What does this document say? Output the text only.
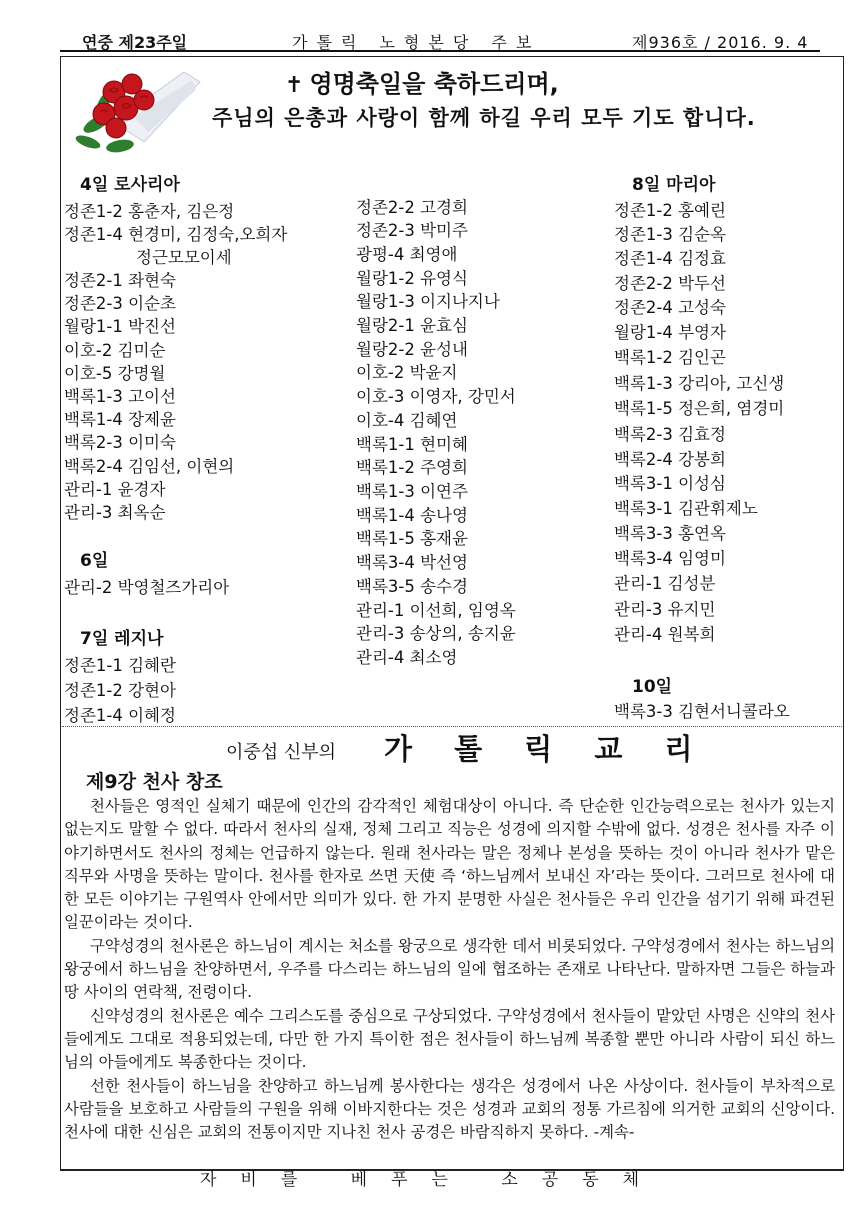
연중 제23주일	가톨릭 노형본당 주보	제936호 / 2016. 9. 4
✝ 영명축일을 축하드리며,
주님의 은총과 사랑이 함께 하길 우리 모두 기도 합니다.
4일 로사리아
정존1-2 홍춘자, 김은정
정존1-4 현경미, 김정숙,오희자
정근모모이세
정존2-1 좌현숙
정존2-3 이순초
월랑1-1 박진선
이호-2 김미순
이호-5 강명월
백록1-3 고이선
백록1-4 장제윤
백록2-3 이미숙
백록2-4 김임선, 이현의
관리-1 윤경자
관리-3 최옥순
6일
관리-2 박영철즈가리아
7일 레지나
정존1-1 김혜란
정존1-2 강현아
정존1-4 이혜정
정존2-2 고경희
정존2-3 박미주
광평-4 최영애
월랑1-2 유영식
월랑1-3 이지나지나
월랑2-1 윤효심
월랑2-2 윤성내
이호-2 박윤지
이호-3 이영자, 강민서
이호-4 김혜연
백록1-1 현미혜
백록1-2 주영희
백록1-3 이연주
백록1-4 송나영
백록1-5 홍재윤
백록3-4 박선영
백록3-5 송수경
관리-1 이선희, 임영옥
관리-3 송상의, 송지윤
관리-4 최소영
8일 마리아
정존1-2 홍예린
정존1-3 김순옥
정존1-4 김정효
정존2-2 박두선
정존2-4 고성숙
월랑1-4 부영자
백록1-2 김인곤
백록1-3 강리아, 고신생
백록1-5 정은희, 염경미
백록2-3 김효정
백록2-4 강봉희
백록3-1 이성심
백록3-1 김관휘제노
백록3-3 홍연옥
백록3-4 임영미
관리-1 김성분
관리-3 유지민
관리-4 원복희
10일
백록3-3 김현서니콜라오
이중섭 신부의 가 톨 릭 교 리
제9강 천사 창조

천사들은 영적인 실체기 때문에 인간의 감각적인 체험대상이 아니다. 즉 단순한 인간능력으로는 천사가 있는지 없는지도 말할 수 없다. 따라서 천사의 실재, 정체 그리고 직능은 성경에 의지할 수밖에 없다. 성경은 천사를 자주 이야기하면서도 천사의 정체는 언급하지 않는다. 원래 천사라는 말은 정체나 본성을 뜻하는 것이 아니라 천사가 맡은 직무와 사명을 뜻하는 말이다. 천사를 한자로 쓰면 天使 즉 ‘하느님께서 보내신 자’라는 뜻이다. 그러므로 천사에 대한 모든 이야기는 구원역사 안에서만 의미가 있다. 한 가지 분명한 사실은 천사들은 우리 인간을 섬기기 위해 파견된 일꾼이라는 것이다.

구약성경의 천사론은 하느님이 계시는 처소를 왕궁으로 생각한 데서 비롯되었다. 구약성경에서 천사는 하느님의 왕궁에서 하느님을 찬양하면서, 우주를 다스리는 하느님의 일에 협조하는 존재로 나타난다. 말하자면 그들은 하늘과 땅 사이의 연락책, 전령이다.

신약성경의 천사론은 예수 그리스도를 중심으로 구상되었다. 구약성경에서 천사들이 맡았던 사명은 신약의 천사들에게도 그대로 적용되었는데, 다만 한 가지 특이한 점은 천사들이 하느님께 복종할 뿐만 아니라 사람이 되신 하느님의 아들에게도 복종한다는 것이다.

선한 천사들이 하느님을 찬양하고 하느님께 봉사한다는 생각은 성경에서 나온 사상이다. 천사들이 부차적으로 사람들을 보호하고 사람들의 구원을 위해 이바지한다는 것은 성경과 교회의 정통 가르침에 의거한 교회의 신앙이다. 천사에 대한 신심은 교회의 전통이지만 지나친 천사 공경은 바람직하지 못하다. -계속-

자비를 베푸는 소공동체
